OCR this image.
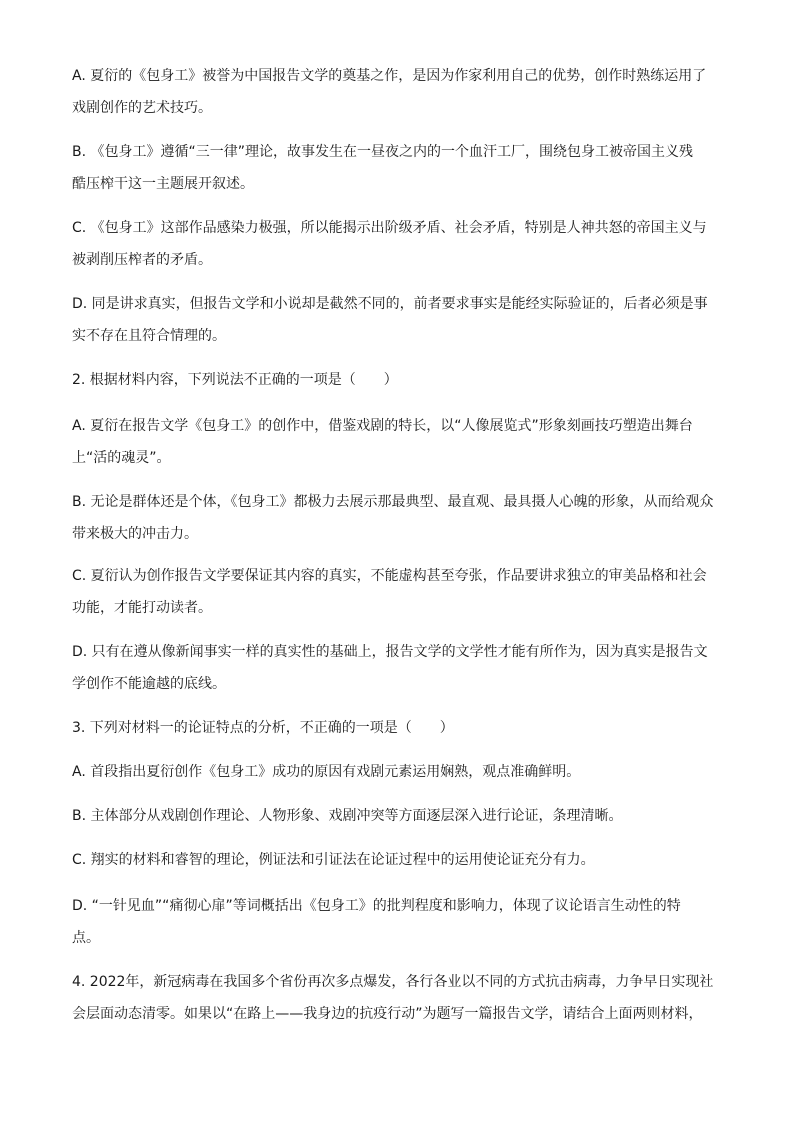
A. 夏衍的《包身工》被誉为中国报告文学的奠基之作，是因为作家利用自己的优势，创作时熟练运用了
戏剧创作的艺术技巧。
B. 《包身工》遵循“三一律”理论，故事发生在一昼夜之内的一个血汗工厂，围绕包身工被帝国主义残
酷压榨干这一主题展开叙述。
C. 《包身工》这部作品感染力极强，所以能揭示出阶级矛盾、社会矛盾，特别是人神共怒的帝国主义与
被剥削压榨者的矛盾。
D. 同是讲求真实，但报告文学和小说却是截然不同的，前者要求事实是能经实际验证的，后者必须是事
实不存在且符合情理的。
2. 根据材料内容，下列说法不正确的一项是（　　）
A. 夏衍在报告文学《包身工》的创作中，借鉴戏剧的特长，以“人像展览式”形象刻画技巧塑造出舞台
上“活的魂灵”。
B. 无论是群体还是个体，《包身工》都极力去展示那最典型、最直观、最具摄人心魄的形象，从而给观众
带来极大的冲击力。
C. 夏衍认为创作报告文学要保证其内容的真实，不能虚构甚至夸张，作品要讲求独立的审美品格和社会
功能，才能打动读者。
D. 只有在遵从像新闻事实一样的真实性的基础上，报告文学的文学性才能有所作为，因为真实是报告文
学创作不能逾越的底线。
3. 下列对材料一的论证特点的分析，不正确的一项是（　　）
A. 首段指出夏衍创作《包身工》成功的原因有戏剧元素运用娴熟，观点准确鲜明。
B. 主体部分从戏剧创作理论、人物形象、戏剧冲突等方面逐层深入进行论证，条理清晰。
C. 翔实的材料和睿智的理论，例证法和引证法在论证过程中的运用使论证充分有力。
D. “一针见血”“痛彻心扉”等词概括出《包身工》的批判程度和影响力，体现了议论语言生动性的特
点。
4. 2022年，新冠病毒在我国多个省份再次多点爆发，各行各业以不同的方式抗击病毒，力争早日实现社
会层面动态清零。如果以“在路上——我身边的抗疫行动”为题写一篇报告文学，请结合上面两则材料，
